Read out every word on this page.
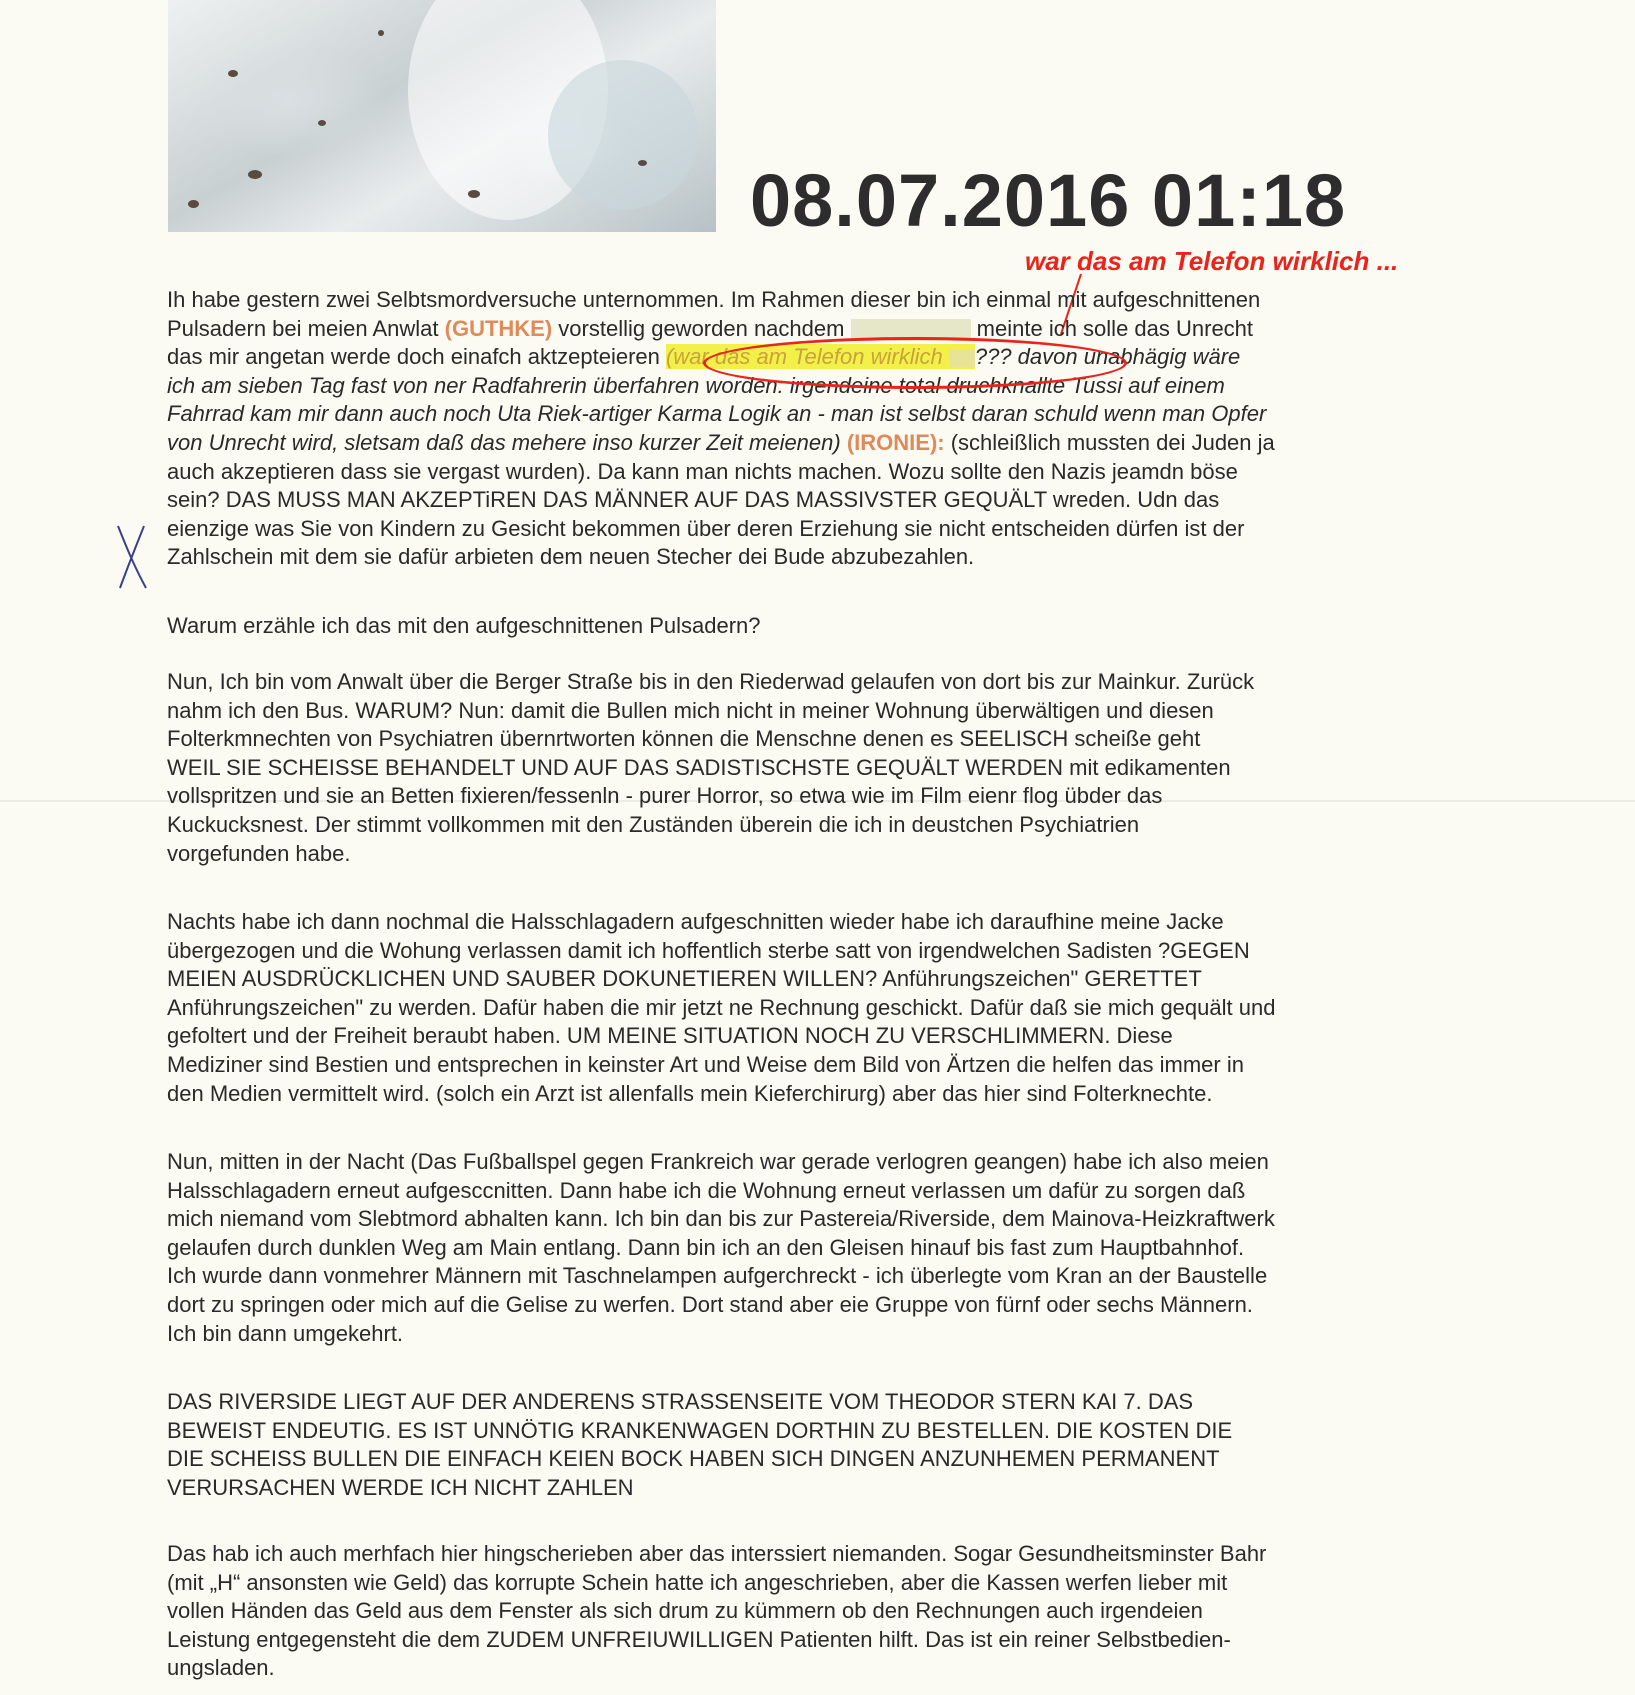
08.07.2016 01:18
war das am Telefon wirklich ...
Ih habe gestern zwei Selbtsmordversuche unternommen. Im Rahmen dieser bin ich einmal mit aufgeschnittenen
Pulsadern bei meien Anwlat (GUTHKE) vorstellig geworden nachdem	meinte ich solle das Unrecht
das mir angetan werde doch einafch aktzepteieren (war das am Telefon wirklich ??? davon unabhägig wäre
ich am sieben Tag fast von ner Radfahrerin überfahren worden: irgendeine total druchknallte Tussi auf einem
Fahrrad kam mir dann auch noch Uta Riek-artiger Karma Logik an - man ist selbst daran schuld wenn man Opfer
von Unrecht wird, sletsam daß das mehere inso kurzer Zeit meienen) (IRONIE): (schleißlich mussten dei Juden ja
auch akzeptieren dass sie vergast wurden). Da kann man nichts machen. Wozu sollte den Nazis jeamdn böse
sein? DAS MUSS MAN AKZEPTiREN DAS MÄNNER AUF DAS MASSIVSTER GEQUÄLT wreden. Udn das
eienzige was Sie von Kindern zu Gesicht bekommen über deren Erziehung sie nicht entscheiden dürfen ist der
Zahlschein mit dem sie dafür arbieten dem neuen Stecher dei Bude abzubezahlen.
Warum erzähle ich das mit den aufgeschnittenen Pulsadern?
Nun, Ich bin vom Anwalt über die Berger Straße bis in den Riederwad gelaufen von dort bis zur Mainkur. Zurück
nahm ich den Bus. WARUM? Nun: damit die Bullen mich nicht in meiner Wohnung überwältigen und diesen
Folterkmnechten von Psychiatren übernrtworten können die Menschne denen es SEELISCH scheiße geht
WEIL SIE SCHEISSE BEHANDELT UND AUF DAS SADISTISCHSTE GEQUÄLT WERDEN mit edikamenten
vollspritzen und sie an Betten fixieren/fessenln - purer Horror, so etwa wie im Film eienr flog übder das
Kuckucksnest. Der stimmt vollkommen mit den Zuständen überein die ich in deustchen Psychiatrien
vorgefunden habe.
Nachts habe ich dann nochmal die Halsschlagadern aufgeschnitten wieder habe ich daraufhine meine Jacke
übergezogen und die Wohung verlassen damit ich hoffentlich sterbe satt von irgendwelchen Sadisten ?GEGEN
MEIEN AUSDRÜCKLICHEN UND SAUBER DOKUNETIEREN WILLEN? Anführungszeichen" GERETTET
Anführungszeichen" zu werden. Dafür haben die mir jetzt ne Rechnung geschickt. Dafür daß sie mich gequält und
gefoltert und der Freiheit beraubt haben. UM MEINE SITUATION NOCH ZU VERSCHLIMMERN. Diese
Mediziner sind Bestien und entsprechen in keinster Art und Weise dem Bild von Ärtzen die helfen das immer in
den Medien vermittelt wird. (solch ein Arzt ist allenfalls mein Kieferchirurg) aber das hier sind Folterknechte.
Nun, mitten in der Nacht (Das Fußballspel gegen Frankreich war gerade verlogren geangen) habe ich also meien
Halsschlagadern erneut aufgescсnitten. Dann habe ich die Wohnung erneut verlassen um dafür zu sorgen daß
mich niemand vom Slebtmord abhalten kann. Ich bin dan bis zur Pastereia/Riverside, dem Mainova-Heizkraftwerk
gelaufen durch dunklen Weg am Main entlang. Dann bin ich an den Gleisen hinauf bis fast zum Hauptbahnhof.
Ich wurde dann vonmehrer Männern mit Taschnelampen aufgerchreckt - ich überlegte vom Kran an der Baustelle
dort zu springen oder mich auf die Gelise zu werfen. Dort stand aber eie Gruppe von fürnf oder sechs Männern.
Ich bin dann umgekehrt.
DAS RIVERSIDE LIEGT AUF DER ANDERENS STRASSENSEITE VOM THEODOR STERN KAI 7. DAS
BEWEIST ENDEUTIG. ES IST UNNÖTIG KRANKENWAGEN DORTHIN ZU BESTELLEN. DIE KOSTEN DIE
DIE SCHEISS BULLEN DIE EINFACH KEIEN BOCK HABEN SICH DINGEN ANZUNHEMEN PERMANENT
VERURSACHEN WERDE ICH NICHT ZAHLEN
Das hab ich auch merhfach hier hingscherieben aber das interssiert niemanden. Sogar Gesundheitsminster Bahr
(mit „H“ ansonsten wie Geld) das korrupte Schein hatte ich angeschrieben, aber die Kassen werfen lieber mit
vollen Händen das Geld aus dem Fenster als sich drum zu kümmern ob den Rechnungen auch irgendeien
Leistung entgegensteht die dem ZUDEM UNFREIUWILLIGEN Patienten hilft. Das ist ein reiner Selbstbedien-
ungsladen.
